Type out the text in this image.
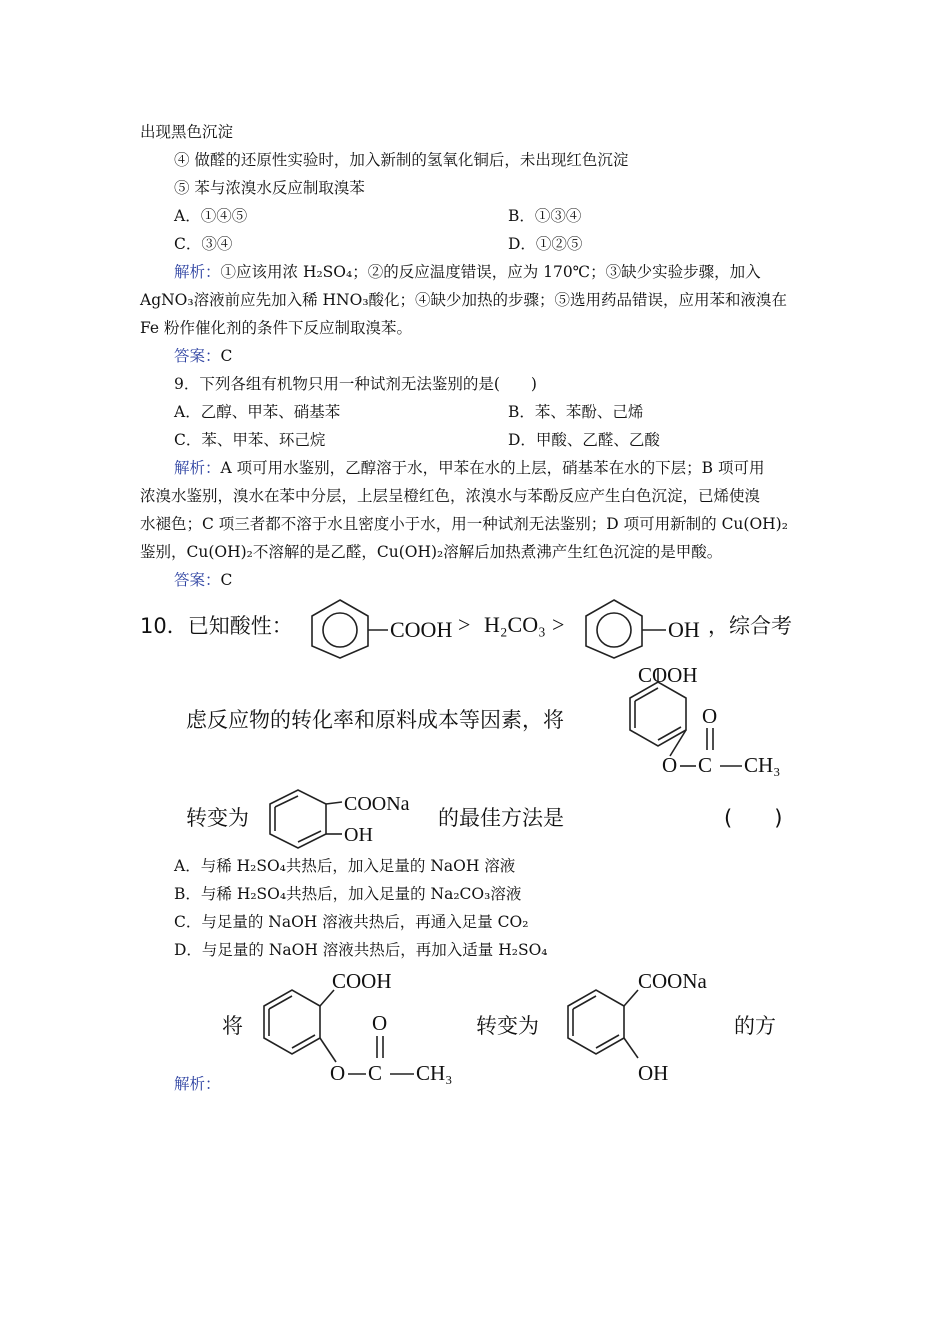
出现黑色沉淀
④ 做醛的还原性实验时，加入新制的氢氧化铜后，未出现红色沉淀
⑤ 苯与浓溴水反应制取溴苯
A．①④⑤	B．①③④
C．③④	D．①②⑤
解析：①应该用浓 H₂SO₄；②的反应温度错误，应为 170℃；③缺少实验步骤，加入
AgNO₃溶液前应先加入稀 HNO₃酸化；④缺少加热的步骤；⑤选用药品错误，应用苯和液溴在
Fe 粉作催化剂的条件下反应制取溴苯。
答案：C
9．下列各组有机物只用一种试剂无法鉴别的是(　　)
A．乙醇、甲苯、硝基苯	B．苯、苯酚、己烯
C．苯、甲苯、环己烷	D．甲酸、乙醛、乙酸
解析：A 项可用水鉴别，乙醇溶于水，甲苯在水的上层，硝基苯在水的下层；B 项可用
浓溴水鉴别，溴水在苯中分层，上层呈橙红色，浓溴水与苯酚反应产生白色沉淀，已烯使溴
水褪色；C 项三者都不溶于水且密度小于水，用一种试剂无法鉴别；D 项可用新制的 Cu(OH)₂
鉴别，Cu(OH)₂不溶解的是乙醛，Cu(OH)₂溶解后加热煮沸产生红色沉淀的是甲酸。
答案：C
10．已知酸性：	COOH > H₂CO₃ >	OH ，综合考
虑反应物的转化率和原料成本等因素，将
COOH
O C
O
CH₃
转变为
COONa
OH
的最佳方法是	(　　)
A．与稀 H₂SO₄共热后，加入足量的 NaOH 溶液
B．与稀 H₂SO₄共热后，加入足量的 Na₂CO₃溶液
C．与足量的 NaOH 溶液共热后，再通入足量 CO₂
D．与足量的 NaOH 溶液共热后，再加入适量 H₂SO₄
将
COOH
O C
O
CH₃
转变为
COONa
OH
的方
解析：
